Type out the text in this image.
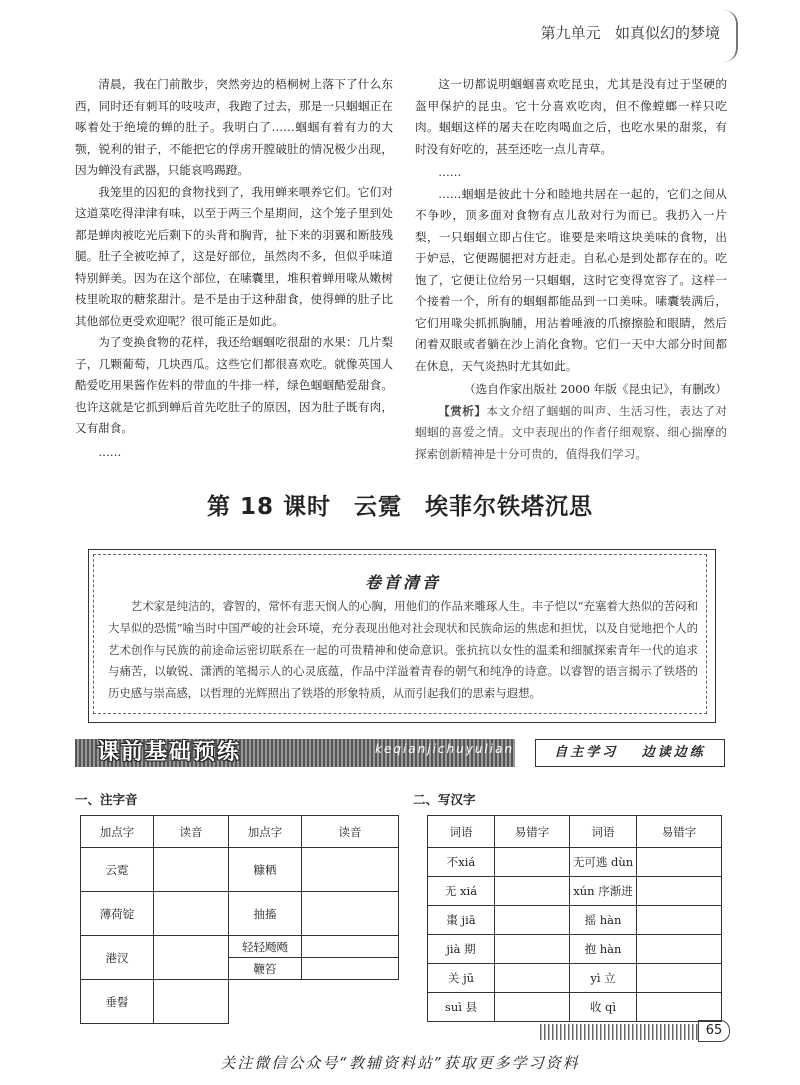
第九单元 如真似幻的梦境

清晨，我在门前散步，突然旁边的梧桐树上落下了什么东西，同时还有刺耳的吱吱声，我跑了过去，那是一只蝈蝈正在啄着处于绝境的蝉的肚子。我明白了……蝈蝈有着有力的大颚，锐利的钳子，不能把它的俘虏开膛破肚的情况极少出现，因为蝉没有武器，只能哀鸣踢蹬。

我笼里的囚犯的食物找到了，我用蝉来喂养它们。它们对这道菜吃得津津有味，以至于两三个星期间，这个笼子里到处都是蝉肉被吃光后剩下的头背和胸背，扯下来的羽翼和断肢残腿。肚子全被吃掉了，这是好部位，虽然肉不多，但似乎味道特别鲜美。因为在这个部位，在嗉囊里，堆积着蝉用喙从嫩树枝里吮取的糖浆甜汁。是不是由于这种甜食，使得蝉的肚子比其他部位更受欢迎呢？很可能正是如此。

为了变换食物的花样，我还给蝈蝈吃很甜的水果：几片梨子，几颗葡萄，几块西瓜。这些它们都很喜欢吃。就像英国人酷爱吃用果酱作佐料的带血的牛排一样，绿色蝈蝈酷爱甜食。也许这就是它抓到蝉后首先吃肚子的原因，因为肚子既有肉，又有甜食。

……

这一切都说明蝈蝈喜欢吃昆虫，尤其是没有过于坚硬的盔甲保护的昆虫。它十分喜欢吃肉，但不像螳螂一样只吃肉。蝈蝈这样的屠夫在吃肉喝血之后，也吃水果的甜浆，有时没有好吃的，甚至还吃一点儿青草。

……

……蝈蝈是彼此十分和睦地共居在一起的，它们之间从不争吵，顶多面对食物有点儿敌对行为而已。我扔入一片梨，一只蝈蝈立即占住它。谁要是来啃这块美味的食物，出于妒忌，它便踢腿把对方赶走。自私心是到处都存在的。吃饱了，它便让位给另一只蝈蝈，这时它变得宽容了。这样一个接着一个，所有的蝈蝈都能品到一口美味。嗉囊装满后，它们用喙尖抓抓胸脯，用沾着唾液的爪擦擦脸和眼睛，然后闭着双眼或者躺在沙上消化食物。它们一天中大部分时间都在休息，天气炎热时尤其如此。

（选自作家出版社 2000 年版《昆虫记》，有删改）

【赏析】本文介绍了蝈蝈的叫声、生活习性，表达了对蝈蝈的喜爱之情。文中表现出的作者仔细观察、细心揣摩的探索创新精神是十分可贵的，值得我们学习。

第 18 课时 云霓 埃菲尔铁塔沉思
卷首清音
艺术家是纯洁的，睿智的，常怀有悲天悯人的心胸，用他们的作品来雕琢人生。丰子恺以“充塞着大热似的苦闷和大旱似的恐慌”喻当时中国严峻的社会环境，充分表现出他对社会现状和民族命运的焦虑和担忧，以及自觉地把个人的艺术创作与民族的前途命运密切联系在一起的可贵精神和使命意识。张抗抗以女性的温柔和细腻探索青年一代的追求与痛苦，以敏锐、潇洒的笔揭示人的心灵底蕴，作品中洋溢着青春的朝气和纯净的诗意。以睿智的语言揭示了铁塔的历史感与崇高感，以哲理的光辉照出了铁塔的形象特质，从而引起我们的思索与遐想。
课前基础预练	keqianjichuyulian	自主学习 边读边练
一、注字音
加点字	读音	加点字	读音
云霓		糠粞	
薄荷锭		抽搐	
港汊		轻轻飏飏	
		鞭笞	
垂髫			
二、写汉字
词语	易错字	词语	易错字
不xiá		无可逃 dùn	
无 xiá		xún 序渐进	
棗 jiā		摇 hàn	
jià 期		抱 hàn	
关 jū		yì 立	
suì 县		收 qì	
65
关注微信公众号“教辅资料站”获取更多学习资料
